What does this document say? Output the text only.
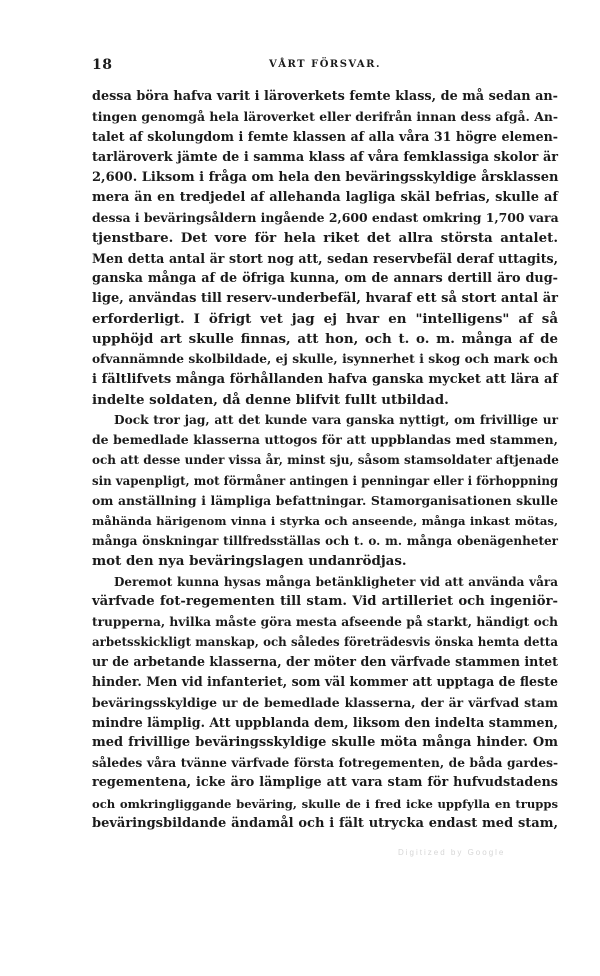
18	VÅRT FÖRSVAR.
dessa böra hafva varit i läroverkets femte klass, de må sedan an-
tingen genomgå hela läroverket eller derifrån innan dess afgå. An-
talet af skolungdom i femte klassen af alla våra 31 högre elemen-
tarläroverk jämte de i samma klass af våra femklassiga skolor är
2,600. Liksom i fråga om hela den beväringsskyldige årsklassen
mera än en tredjedel af allehanda lagliga skäl befrias, skulle af
dessa i beväringsåldern ingående 2,600 endast omkring 1,700 vara
tjenstbare. Det vore för hela riket det allra största antalet.
Men detta antal är stort nog att, sedan reservbefäl deraf uttagits,
ganska många af de öfriga kunna, om de annars dertill äro dug-
lige, användas till reserv-underbefäl, hvaraf ett så stort antal är
erforderligt. I öfrigt vet jag ej hvar en "intelligens" af så
upphöjd art skulle finnas, att hon, och t. o. m. många af de
ofvannämnde skolbildade, ej skulle, isynnerhet i skog och mark och
i fältlifvets många förhållanden hafva ganska mycket att lära af
indelte soldaten, då denne blifvit fullt utbildad.
Dock tror jag, att det kunde vara ganska nyttigt, om frivillige ur
de bemedlade klasserna uttogos för att uppblandas med stammen,
och att desse under vissa år, minst sju, såsom stamsoldater aftjenade
sin vapenpligt, mot förmåner antingen i penningar eller i förhoppning
om anställning i lämpliga befattningar. Stamorganisationen skulle
måhända härigenom vinna i styrka och anseende, många inkast mötas,
många önskningar tillfredsställas och t. o. m. många obenägenheter
mot den nya beväringslagen undanrödjas.
Deremot kunna hysas många betänkligheter vid att använda våra
värfvade fot-regementen till stam. Vid artilleriet och ingeniör-
trupperna, hvilka måste göra mesta afseende på starkt, händigt och
arbetsskickligt manskap, och således företrädesvis önska hemta detta
ur de arbetande klasserna, der möter den värfvade stammen intet
hinder. Men vid infanteriet, som väl kommer att upptaga de fleste
beväringsskyldige ur de bemedlade klasserna, der är värfvad stam
mindre lämplig. Att uppblanda dem, liksom den indelta stammen,
med frivillige beväringsskyldige skulle möta många hinder. Om
således våra tvänne värfvade första fotregementen, de båda gardes-
regementena, icke äro lämplige att vara stam för hufvudstadens
och omkringliggande beväring, skulle de i fred icke uppfylla en trupps
beväringsbildande ändamål och i fält utrycka endast med stam,
Digitized by Google
